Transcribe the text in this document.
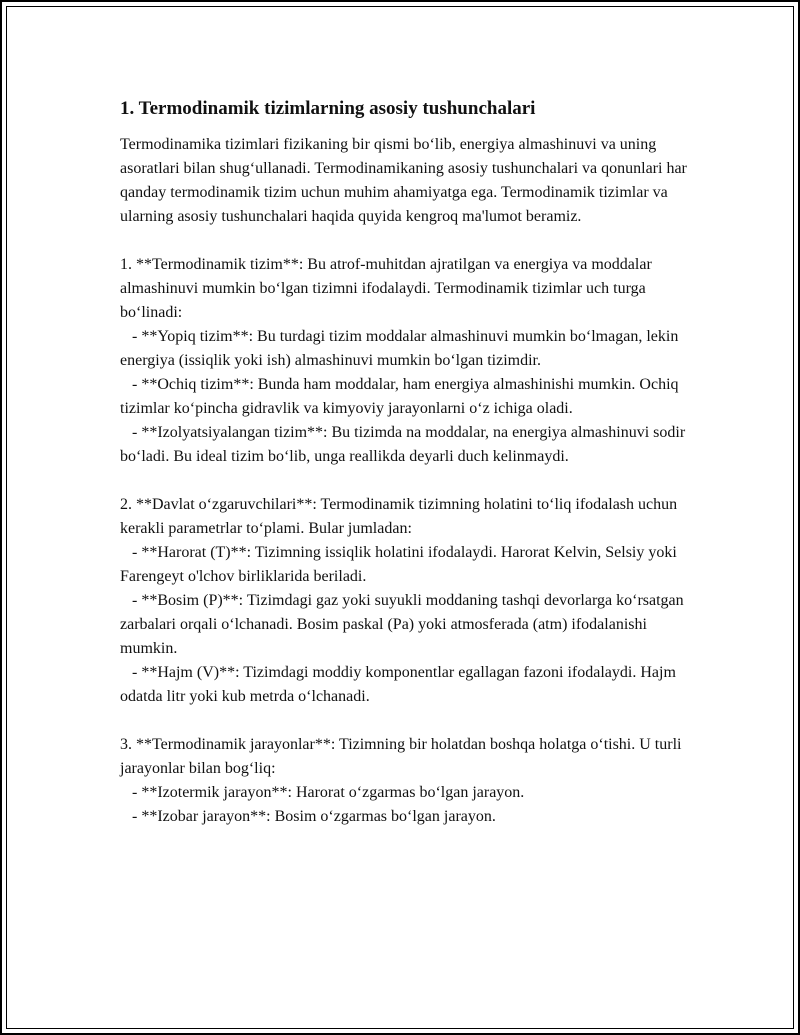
1. Termodinamik tizimlarning asosiy tushunchalari

Termodinamika tizimlari fizikaning bir qismi bo‘lib, energiya almashinuvi va uning asoratlari bilan shug‘ullanadi. Termodinamikaning asosiy tushunchalari va qonunlari har qanday termodinamik tizim uchun muhim ahamiyatga ega. Termodinamik tizimlar va ularning asosiy tushunchalari haqida quyida kengroq ma'lumot beramiz.

1. **Termodinamik tizim**: Bu atrof-muhitdan ajratilgan va energiya va moddalar almashinuvi mumkin bo‘lgan tizimni ifodalaydi. Termodinamik tizimlar uch turga bo‘linadi:

- **Yopiq tizim**: Bu turdagi tizim moddalar almashinuvi mumkin bo‘lmagan, lekin energiya (issiqlik yoki ish) almashinuvi mumkin bo‘lgan tizimdir.

- **Ochiq tizim**: Bunda ham moddalar, ham energiya almashinishi mumkin. Ochiq tizimlar ko‘pincha gidravlik va kimyoviy jarayonlarni o‘z ichiga oladi.

- **Izolyatsiyalangan tizim**: Bu tizimda na moddalar, na energiya almashinuvi sodir bo‘ladi. Bu ideal tizim bo‘lib, unga reallikda deyarli duch kelinmaydi.

2. **Davlat o‘zgaruvchilari**: Termodinamik tizimning holatini to‘liq ifodalash uchun kerakli parametrlar to‘plami. Bular jumladan:

- **Harorat (T)**: Tizimning issiqlik holatini ifodalaydi. Harorat Kelvin, Selsiy yoki Farengeyt o'lchov birliklarida beriladi.

- **Bosim (P)**: Tizimdagi gaz yoki suyukli moddaning tashqi devorlarga ko‘rsatgan zarbalari orqali o‘lchanadi. Bosim paskal (Pa) yoki atmosferada (atm) ifodalanishi mumkin.

- **Hajm (V)**: Tizimdagi moddiy komponentlar egallagan fazoni ifodalaydi. Hajm odatda litr yoki kub metrda o‘lchanadi.

3. **Termodinamik jarayonlar**: Tizimning bir holatdan boshqa holatga o‘tishi. U turli jarayonlar bilan bog‘liq:

- **Izotermik jarayon**: Harorat o‘zgarmas bo‘lgan jarayon.

- **Izobar jarayon**: Bosim o‘zgarmas bo‘lgan jarayon.
